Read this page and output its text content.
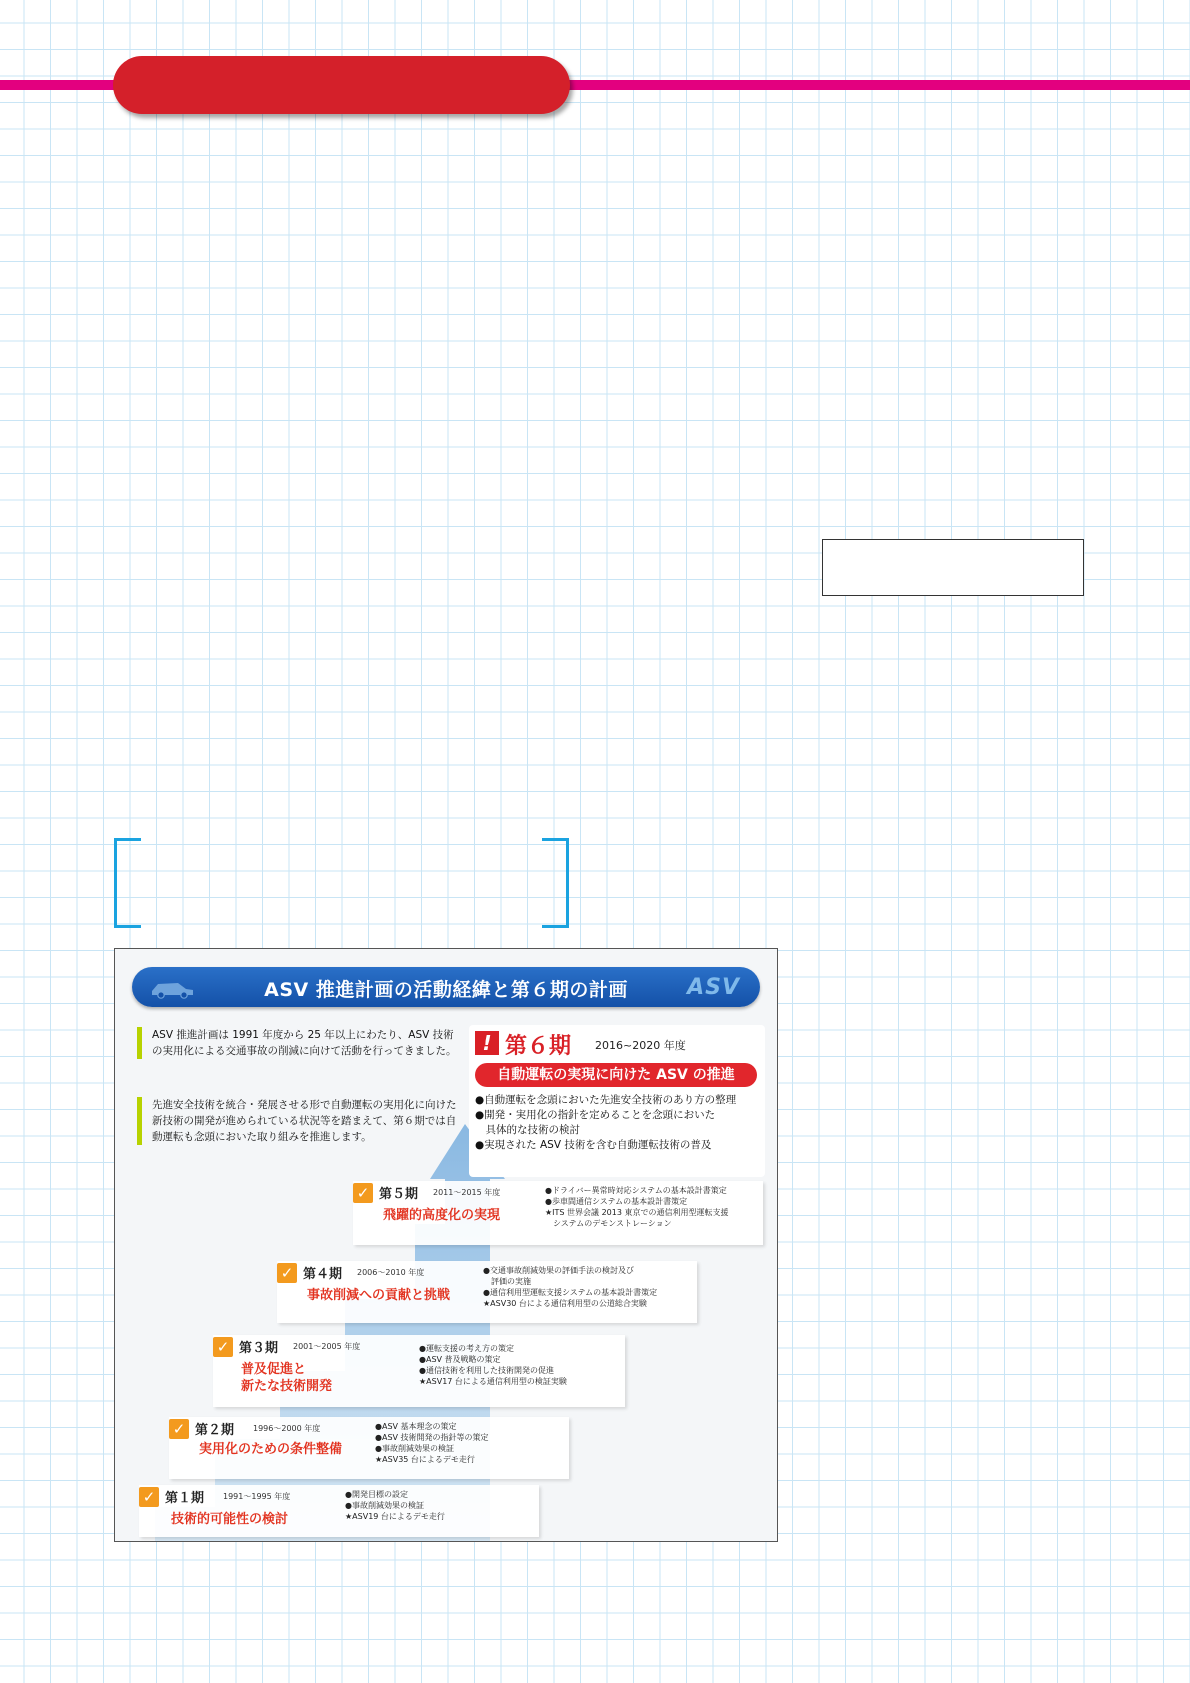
ASV 推進計画の活動経緯と第６期の計画	ASV
ASV 推進計画は 1991 年度から 25 年以上にわたり、ASV 技術の実用化による交通事故の削減に向けて活動を行ってきました。
先進安全技術を統合・発展させる形で自動運転の実用化に向けた新技術の開発が進められている状況等を踏まえて、第６期では自動運転も念頭においた取り組みを推進します。
! 第６期 2016~2020 年度
自動運転の実現に向けた ASV の推進
●自動運転を念頭においた先進安全技術のあり方の整理
●開発・実用化の指針を定めることを念頭においた
　具体的な技術の検討
●実現された ASV 技術を含む自動運転技術の普及
✓ 第５期 2011～2015 年度
飛躍的高度化の実現
●ドライバー異常時対応システムの基本設計書策定
●歩車間通信システムの基本設計書策定
★ITS 世界会議 2013 東京での通信利用型運転支援
　システムのデモンストレーション
✓ 第４期 2006～2010 年度
事故削減への貢献と挑戦
●交通事故削減効果の評価手法の検討及び
　評価の実施
●通信利用型運転支援システムの基本設計書策定
★ASV30 台による通信利用型の公道総合実験
✓ 第３期 2001～2005 年度
普及促進と
新たな技術開発
●運転支援の考え方の策定
●ASV 普及戦略の策定
●通信技術を利用した技術開発の促進
★ASV17 台による通信利用型の検証実験
✓ 第２期 1996～2000 年度
実用化のための条件整備
●ASV 基本理念の策定
●ASV 技術開発の指針等の策定
●事故削減効果の検証
★ASV35 台によるデモ走行
✓ 第１期 1991～1995 年度
技術的可能性の検討
●開発目標の設定
●事故削減効果の検証
★ASV19 台によるデモ走行
